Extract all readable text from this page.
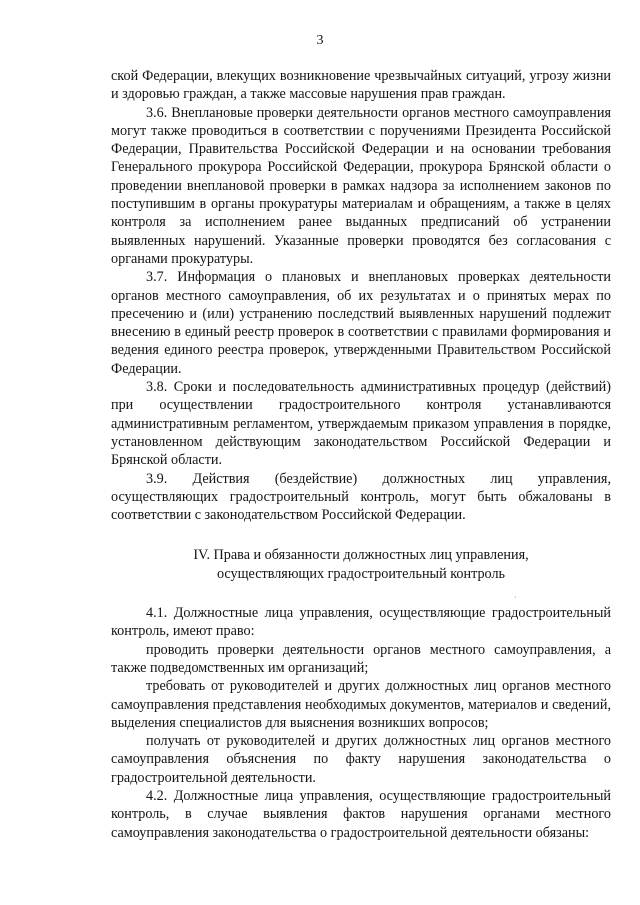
3

ской Федерации, влекущих возникновение чрезвычайных ситуаций, угрозу жизни и здоровью граждан, а также массовые нарушения прав граждан.

3.6. Внеплановые проверки деятельности органов местного самоуправления могут также проводиться в соответствии с поручениями Президента Российской Федерации, Правительства Российской Федерации и на основании требования Генерального прокурора Российской Федерации, прокурора Брянской области о проведении внеплановой проверки в рамках надзора за исполнением законов по поступившим в органы прокуратуры материалам и обращениям, а также в целях контроля за исполнением ранее выданных предписаний об устранении выявленных нарушений. Указанные проверки проводятся без согласования с органами прокуратуры.

3.7. Информация о плановых и внеплановых проверках деятельности органов местного самоуправления, об их результатах и о принятых мерах по пресечению и (или) устранению последствий выявленных нарушений подлежит внесению в единый реестр проверок в соответствии с правилами формирования и ведения единого реестра проверок, утвержденными Правительством Российской Федерации.

3.8. Сроки и последовательность административных процедур (действий) при осуществлении градостроительного контроля устанавливаются административным регламентом, утверждаемым приказом управления в порядке, установленном действующим законодательством Российской Федерации и Брянской области.

3.9. Действия (бездействие) должностных лиц управления, осуществляющих градостроительный контроль, могут быть обжалованы в соответствии с законодательством Российской Федерации.

IV. Права и обязанности должностных лиц управления,
осуществляющих градостроительный контроль

4.1. Должностные лица управления, осуществляющие градостроительный контроль, имеют право:

проводить проверки деятельности органов местного самоуправления, а также подведомственных им организаций;

требовать от руководителей и других должностных лиц органов местного самоуправления представления необходимых документов, материалов и сведений, выделения специалистов для выяснения возникших вопросов;

получать от руководителей и других должностных лиц органов местного самоуправления объяснения по факту нарушения законодательства о градостроительной деятельности.

4.2. Должностные лица управления, осуществляющие градостроительный контроль, в случае выявления фактов нарушения органами местного самоуправления законодательства о градостроительной деятельности обязаны:

·
